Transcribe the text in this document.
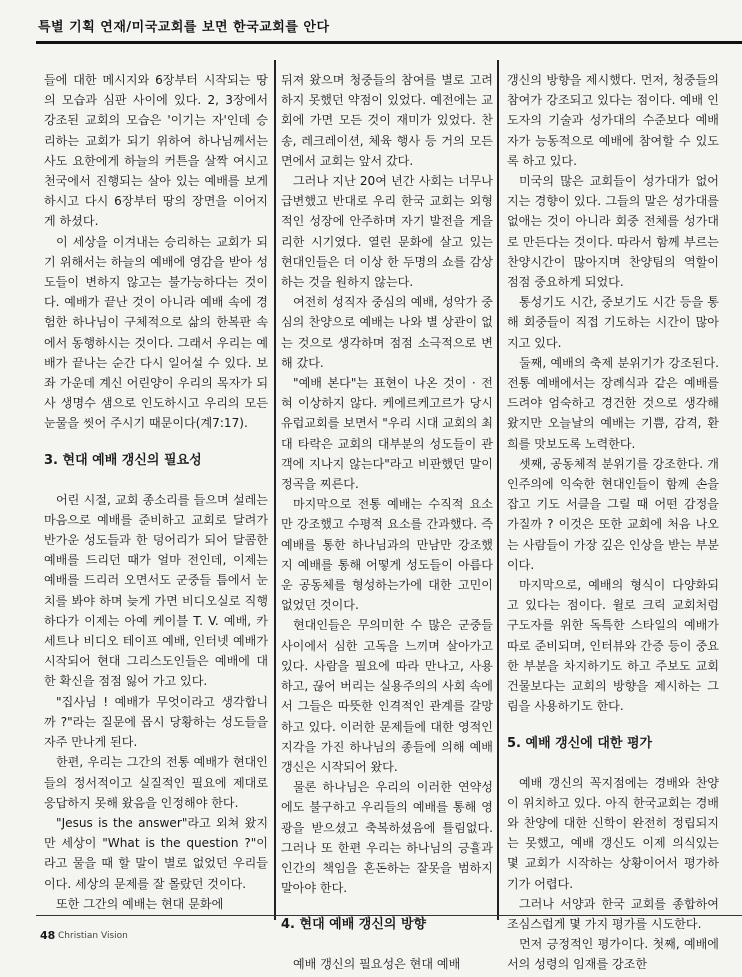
특별 기획 연재/미국교회를 보면 한국교회를 안다

들에 대한 메시지와 6장부터 시작되는 땅의 모습과 심판 사이에 있다. 2, 3장에서 강조된 교회의 모습은 '이기는 자'인데 승리하는 교회가 되기 위하여 하나님께서는 사도 요한에게 하늘의 커튼을 살짝 여시고 천국에서 진행되는 살아 있는 예배를 보게 하시고 다시 6장부터 땅의 장면을 이어지게 하셨다.

이 세상을 이겨내는 승리하는 교회가 되기 위해서는 하늘의 예배에 영감을 받아 성도들이 변하지 않고는 불가능하다는 것이다. 예배가 끝난 것이 아니라 예배 속에 경험한 하나님이 구체적으로 삶의 한복판 속에서 동행하시는 것이다. 그래서 우리는 예배가 끝나는 순간 다시 일어설 수 있다. 보좌 가운데 계신 어린양이 우리의 목자가 되사 생명수 샘으로 인도하시고 우리의 모든 눈물을 씻어 주시기 때문이다(계7:17).

3. 현대 예배 갱신의 필요성

어린 시절, 교회 종소리를 들으며 설레는 마음으로 예배를 준비하고 교회로 달려가 반가운 성도들과 한 덩어리가 되어 달콤한 예배를 드리던 때가 얼마 전인데, 이제는 예배를 드리러 오면서도 군중들 틈에서 눈치를 봐야 하며 늦게 가면 비디오실로 직행하다가 이제는 아예 케이블 T. V. 예배, 카세트나 비디오 테이프 예배, 인터넷 예배가 시작되어 현대 그리스도인들은 예배에 대한 확신을 점점 잃어 가고 있다.

"집사님 ! 예배가 무엇이라고 생각합니까 ?"라는 질문에 몹시 당황하는 성도들을 자주 만나게 된다.

한편, 우리는 그간의 전통 예배가 현대인들의 정서적이고 실질적인 필요에 제대로 응답하지 못해 왔음을 인정해야 한다.

"Jesus is the answer"라고 외쳐 왔지만 세상이 "What is the question ?"이라고 물을 때 할 말이 별로 없었던 우리들이다. 세상의 문제를 잘 몰랐던 것이다.

또한 그간의 예배는 현대 문화에

뒤져 왔으며 청중들의 참여를 별로 고려하지 못했던 약점이 있었다. 예전에는 교회에 가면 모든 것이 재미가 있었다. 찬송, 레크레이션, 체육 행사 등 거의 모든 면에서 교회는 앞서 갔다.

그러나 지난 20여 년간 사회는 너무나 급변했고 반대로 우리 한국 교회는 외형적인 성장에 안주하며 자기 발전을 게을리한 시기였다. 열린 문화에 살고 있는 현대인들은 더 이상 한 두명의 쇼를 감상하는 것을 원하지 않는다.

여전히 성직자 중심의 예배, 성악가 중심의 찬양으로 예배는 나와 별 상관이 없는 것으로 생각하며 점점 소극적으로 변해 갔다.

"예배 본다"는 표현이 나온 것이 · 전혀 이상하지 않다. 케에르케고르가 당시 유럽교회를 보면서 "우리 시대 교회의 최대 타락은 교회의 대부분의 성도들이 관객에 지나지 않는다"라고 비판했던 말이 정곡을 찌른다.

마지막으로 전통 예배는 수직적 요소만 강조했고 수평적 요소를 간과했다. 즉 예배를 통한 하나님과의 만남만 강조했지 예배를 통해 어떻게 성도들이 아름다운 공동체를 형성하는가에 대한 고민이 없었던 것이다.

현대인들은 무의미한 수 많은 군중들 사이에서 심한 고독을 느끼며 살아가고 있다. 사람을 필요에 따라 만나고, 사용하고, 끊어 버리는 실용주의의 사회 속에서 그들은 따뜻한 인격적인 관계를 갈망하고 있다. 이러한 문제들에 대한 영적인 지각을 가진 하나님의 종들에 의해 예배 갱신은 시작되어 왔다.

물론 하나님은 우리의 이러한 연약성에도 불구하고 우리들의 예배를 통해 영광을 받으셨고 축복하셨음에 틀림없다. 그러나 또 한편 우리는 하나님의 긍휼과 인간의 책임을 혼돈하는 잘못을 범하지 말아야 한다.

4. 현대 예배 갱신의 방향

예배 갱신의 필요성은 현대 예배

갱신의 방향을 제시했다. 먼저, 청중들의 참여가 강조되고 있다는 점이다. 예배 인도자의 기술과 성가대의 수준보다 예배자가 능동적으로 예배에 참여할 수 있도록 하고 있다.

미국의 많은 교회들이 성가대가 없어지는 경향이 있다. 그들의 말은 성가대를 없애는 것이 아니라 회중 전체를 성가대로 만든다는 것이다. 따라서 함께 부르는 찬양시간이 많아지며 찬양팀의 역할이 점점 중요하게 되었다.

통성기도 시간, 중보기도 시간 등을 통해 회중들이 직접 기도하는 시간이 많아지고 있다.

둘째, 예배의 축제 분위기가 강조된다. 전통 예배에서는 장례식과 같은 예배를 드려야 엄숙하고 경건한 것으로 생각해 왔지만 오늘날의 예배는 기쁨, 감격, 환희를 맛보도록 노력한다.

셋째, 공동체적 분위기를 강조한다. 개인주의에 익숙한 현대인들이 함께 손을 잡고 기도 서클을 그릴 때 어떤 감정을 가질까 ? 이것은 또한 교회에 처음 나오는 사람들이 가장 깊은 인상을 받는 부분이다.

마지막으로, 예배의 형식이 다양화되고 있다는 점이다. 윌로 크릭 교회처럼 구도자를 위한 독특한 스타일의 예배가 따로 준비되며, 인터뷰와 간증 등이 중요한 부분을 차지하기도 하고 주보도 교회 건물보다는 교회의 방향을 제시하는 그림을 사용하기도 한다.

5. 예배 갱신에 대한 평가

예배 갱신의 꼭지점에는 경배와 찬양이 위치하고 있다. 아직 한국교회는 경배와 찬양에 대한 신학이 완전히 정립되지는 못했고, 예배 갱신도 이제 의식있는 몇 교회가 시작하는 상황이어서 평가하기가 어렵다.

그러나 서양과 한국 교회를 종합하여 조심스럽게 몇 가지 평가를 시도한다.

먼저 긍정적인 평가이다. 첫째, 예배에서의 성령의 임재를 강조한

48 Christian Vision
